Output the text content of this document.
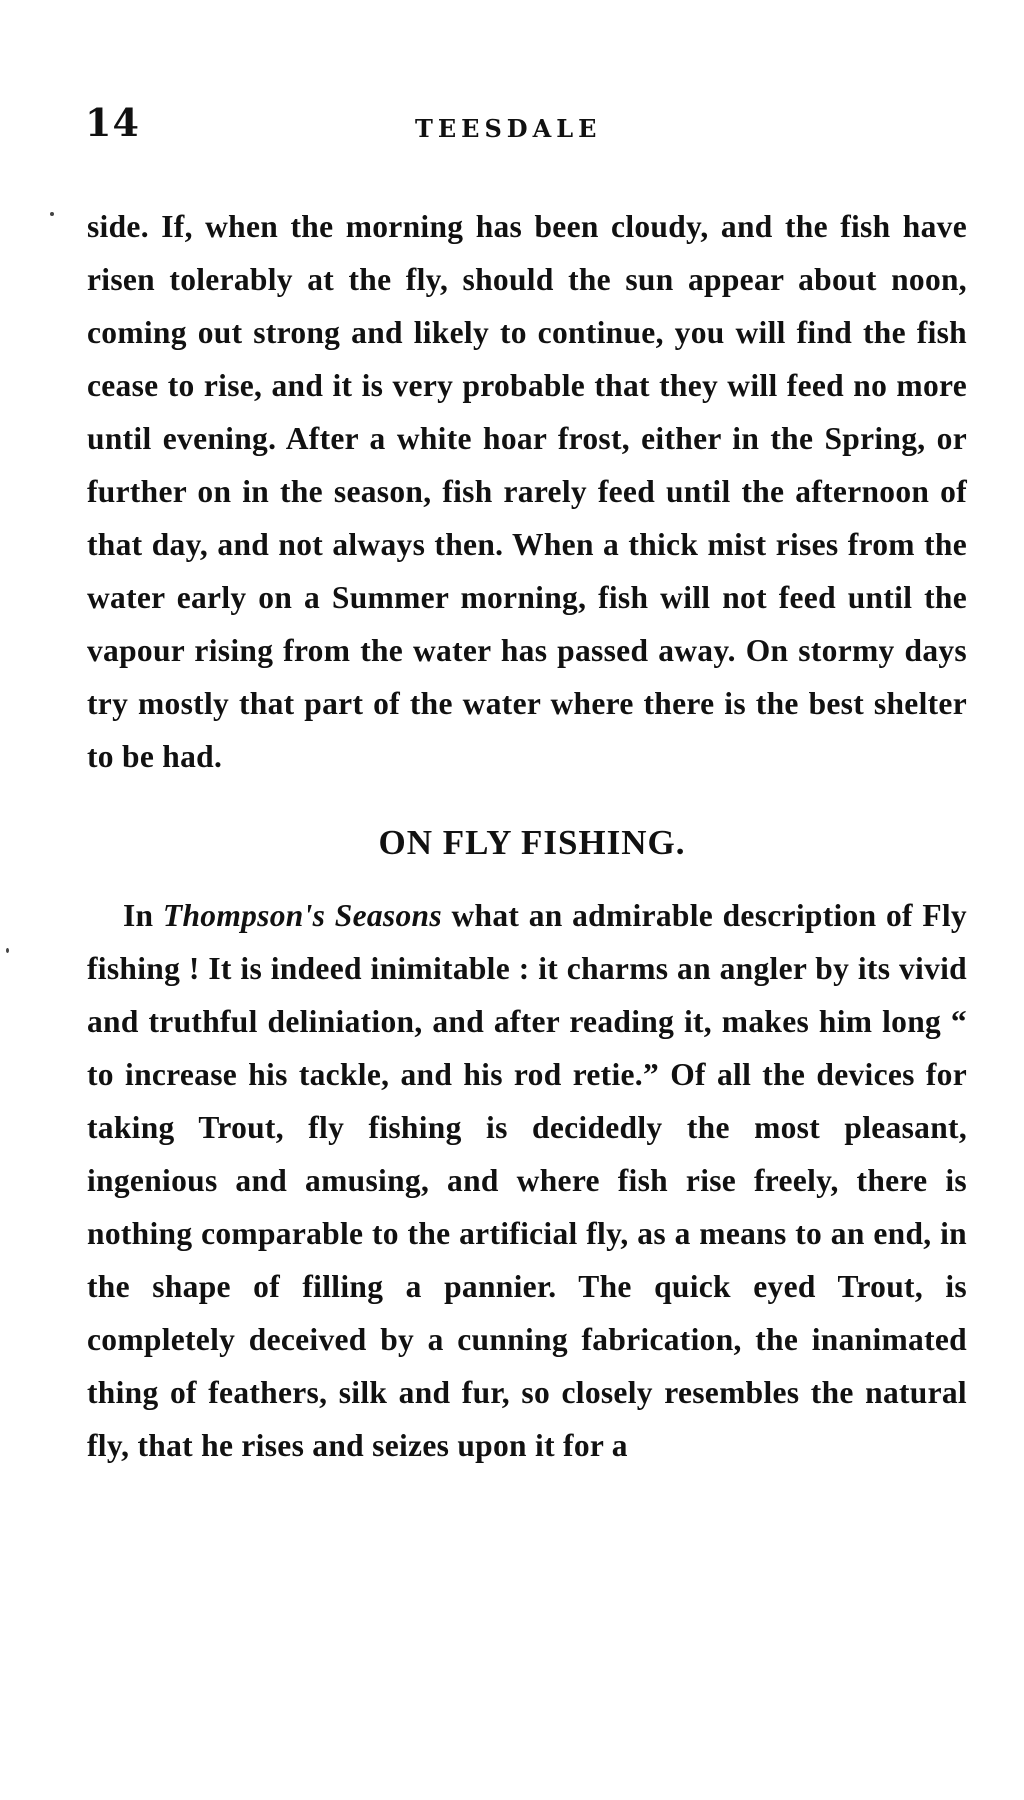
14	TEESDALE

side. If, when the morning has been cloudy, and the fish have risen tolerably at the fly, should the sun appear about noon, coming out strong and likely to continue, you will find the fish cease to rise, and it is very probable that they will feed no more until evening. After a white hoar frost, either in the Spring, or further on in the season, fish rarely feed until the afternoon of that day, and not always then. When a thick mist rises from the water early on a Summer morning, fish will not feed until the vapour rising from the water has passed away. On stormy days try mostly that part of the water where there is the best shelter to be had.

ON FLY FISHING.

In Thompson's Seasons what an admirable description of Fly fishing ! It is indeed inimitable : it charms an angler by its vivid and truthful deliniation, and after reading it, makes him long “ to increase his tackle, and his rod retie.” Of all the devices for taking Trout, fly fishing is decidedly the most pleasant, ingenious and amusing, and where fish rise freely, there is nothing comparable to the artificial fly, as a means to an end, in the shape of filling a pannier. The quick eyed Trout, is completely deceived by a cunning fabrication, the inanimated thing of feathers, silk and fur, so closely resembles the natural fly, that he rises and seizes upon it for a
